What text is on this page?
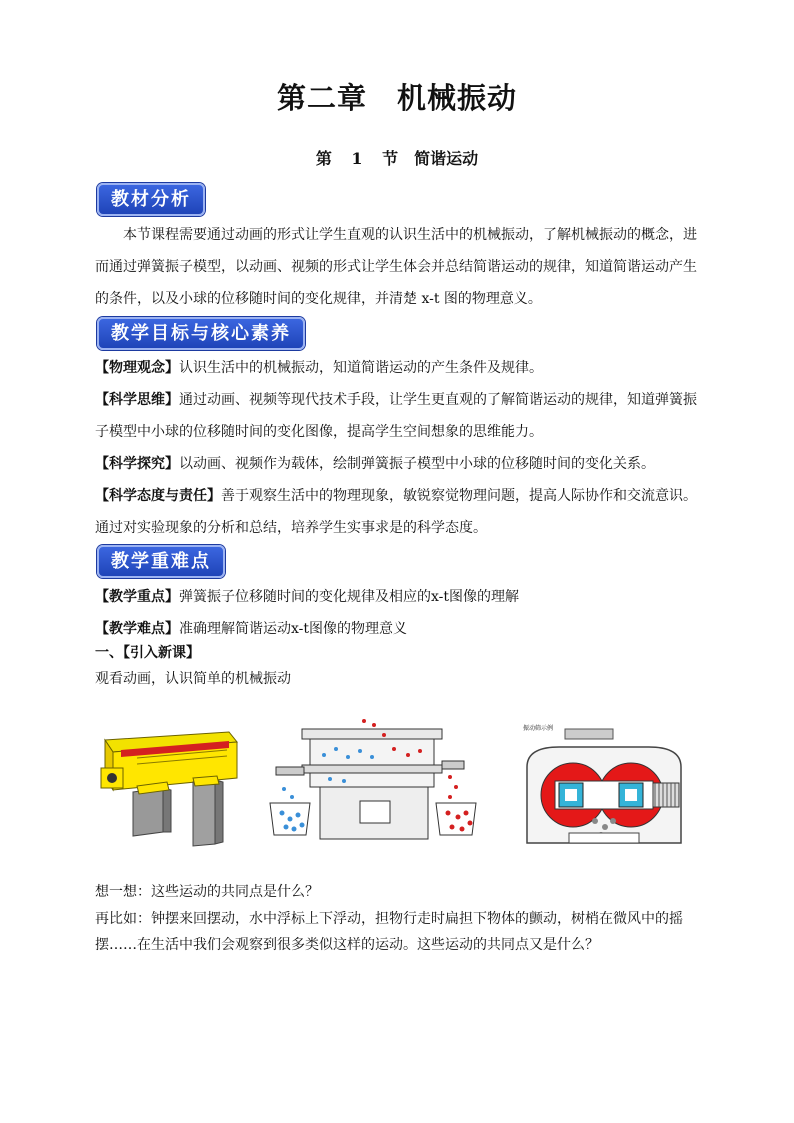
第二章　机械振动
第 1 节　简谐运动
教材分析
本节课程需要通过动画的形式让学生直观的认识生活中的机械振动，了解机械振动的概念，进而通过弹簧振子模型，以动画、视频的形式让学生体会并总结简谐运动的规律，知道简谐运动产生的条件，以及小球的位移随时间的变化规律，并清楚 x-t 图的物理意义。
教学目标与核心素养
【物理观念】认识生活中的机械振动，知道简谐运动的产生条件及规律。
【科学思维】通过动画、视频等现代技术手段，让学生更直观的了解简谐运动的规律，知道弹簧振子模型中小球的位移随时间的变化图像，提高学生空间想象的思维能力。
【科学探究】以动画、视频作为载体，绘制弹簧振子模型中小球的位移随时间的变化关系。
【科学态度与责任】善于观察生活中的物理现象，敏锐察觉物理问题，提高人际协作和交流意识。通过对实验现象的分析和总结，培养学生实事求是的科学态度。
教学重难点
【教学重点】弹簧振子位移随时间的变化规律及相应的x-t图像的理解
【教学难点】准确理解简谐运动x-t图像的物理意义
一、【引入新课】
观看动画，认识简单的机械振动
振动筛示例
想一想：这些运动的共同点是什么？
再比如：钟摆来回摆动，水中浮标上下浮动，担物行走时扁担下物体的颤动，树梢在微风中的摇摆……在生活中我们会观察到很多类似这样的运动。这些运动的共同点又是什么？
